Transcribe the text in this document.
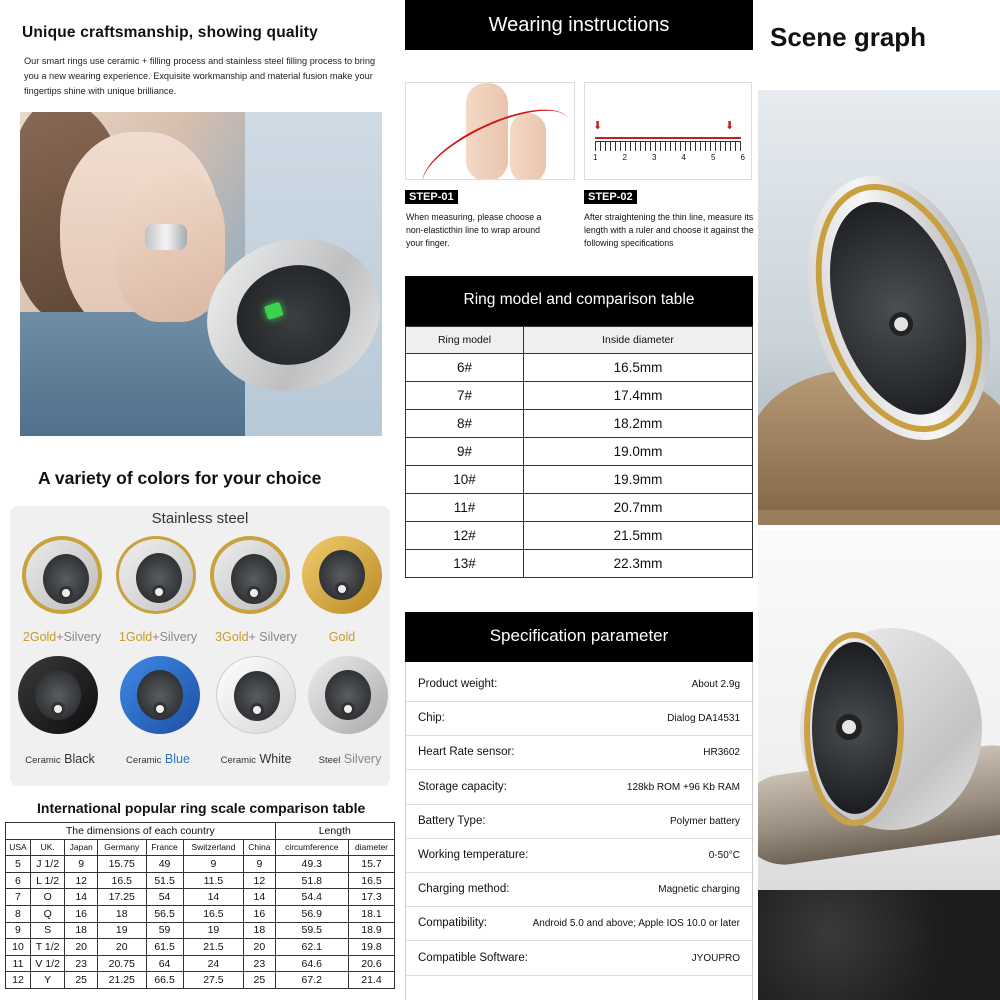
Unique craftsmanship, showing quality
Our smart rings use ceramic + filling process and stainless steel filling process to bring you a new wearing experience. Exquisite workmanship and material fusion make your fingertips shine with unique brilliance.
A variety of colors for your choice
Stainless steel
2Gold+Silvery	1Gold+Silvery	3Gold+ Silvery	Gold
Ceramic Black	Ceramic Blue	Ceramic White	Steel Silvery
International popular ring scale comparison table
The dimensions of each country							Length	
USA	UK.	Japan	Germany	France	Switzerland	China	circumference	diameter
5	J 1/2	9	15.75	49	9	9	49.3	15.7
6	L 1/2	12	16.5	51.5	11.5	12	51.8	16.5
7	O	14	17.25	54	14	14	54.4	17.3
8	Q	16	18	56.5	16.5	16	56.9	18.1
9	S	18	19	59	19	18	59.5	18.9
10	T 1/2	20	20	61.5	21.5	20	62.1	19.8
11	V 1/2	23	20.75	64	24	23	64.6	20.6
12	Y	25	21.25	66.5	27.5	25	67.2	21.4
Wearing instructions
⬇	⬇
1	2	3	4	5	6
STEP-01
When measuring, please choose a non-elasticthin line to wrap around your finger.
STEP-02
After straightening the thin line, measure its length with a ruler and choose it against the following specifications
Ring model and comparison table
Ring model	Inside diameter
6#	16.5mm
7#	17.4mm
8#	18.2mm
9#	19.0mm
10#	19.9mm
11#	20.7mm
12#	21.5mm
13#	22.3mm
Specification parameter
Product weight:	About 2.9g
Chip:	Dialog DA14531
Heart Rate sensor:	HR3602
Storage capacity:	128kb ROM +96 Kb RAM
Battery Type:	Polymer battery
Working temperature:	0-50°C
Charging method:	Magnetic charging
Compatibility:	Android 5.0 and above; Apple IOS 10.0 or later
Compatible Software:	JYOUPRO
Scene graph
